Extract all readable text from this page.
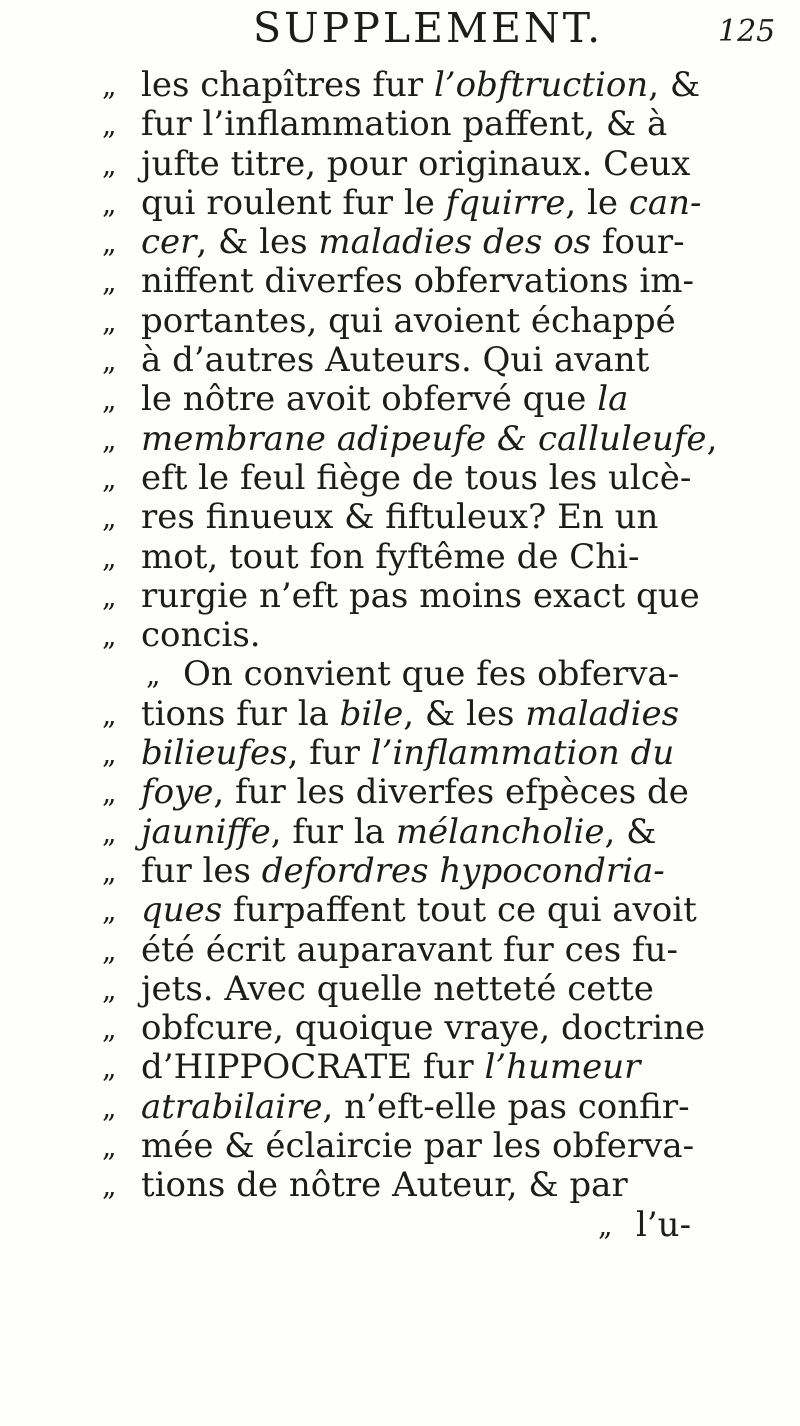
SUPPLEMENT.	125
„ les chapîtres fur l’obftruction, &
„ fur l’inflammation paffent, & à
„ jufte titre, pour originaux. Ceux
„ qui roulent fur le fquirre, le can-
„ cer, & les maladies des os four-
„ niffent diverfes obfervations im-
„ portantes, qui avoient échappé
„ à d’autres Auteurs. Qui avant
„ le nôtre avoit obfervé que la
„ membrane adipeufe & calluleufe,
„ eft le feul fiège de tous les ulcè-
„ res finueux & fiftuleux? En un
„ mot, tout fon fyftême de Chi-
„ rurgie n’eft pas moins exact que
„ concis.
„ On convient que fes obferva-
„ tions fur la bile, & les maladies
„ bilieufes, fur l’inflammation du
„ foye, fur les diverfes efpèces de
„ jauniffe, fur la mélancholie, &
„ fur les defordres hypocondria-
„ ques furpaffent tout ce qui avoit
„ été écrit auparavant fur ces fu-
„ jets. Avec quelle netteté cette
„ obfcure, quoique vraye, doctrine
„ d’HIPPOCRATE fur l’humeur
„ atrabilaire, n’eft-elle pas confir-
„ mée & éclaircie par les obferva-
„ tions de nôtre Auteur, & par
„ l’u-
